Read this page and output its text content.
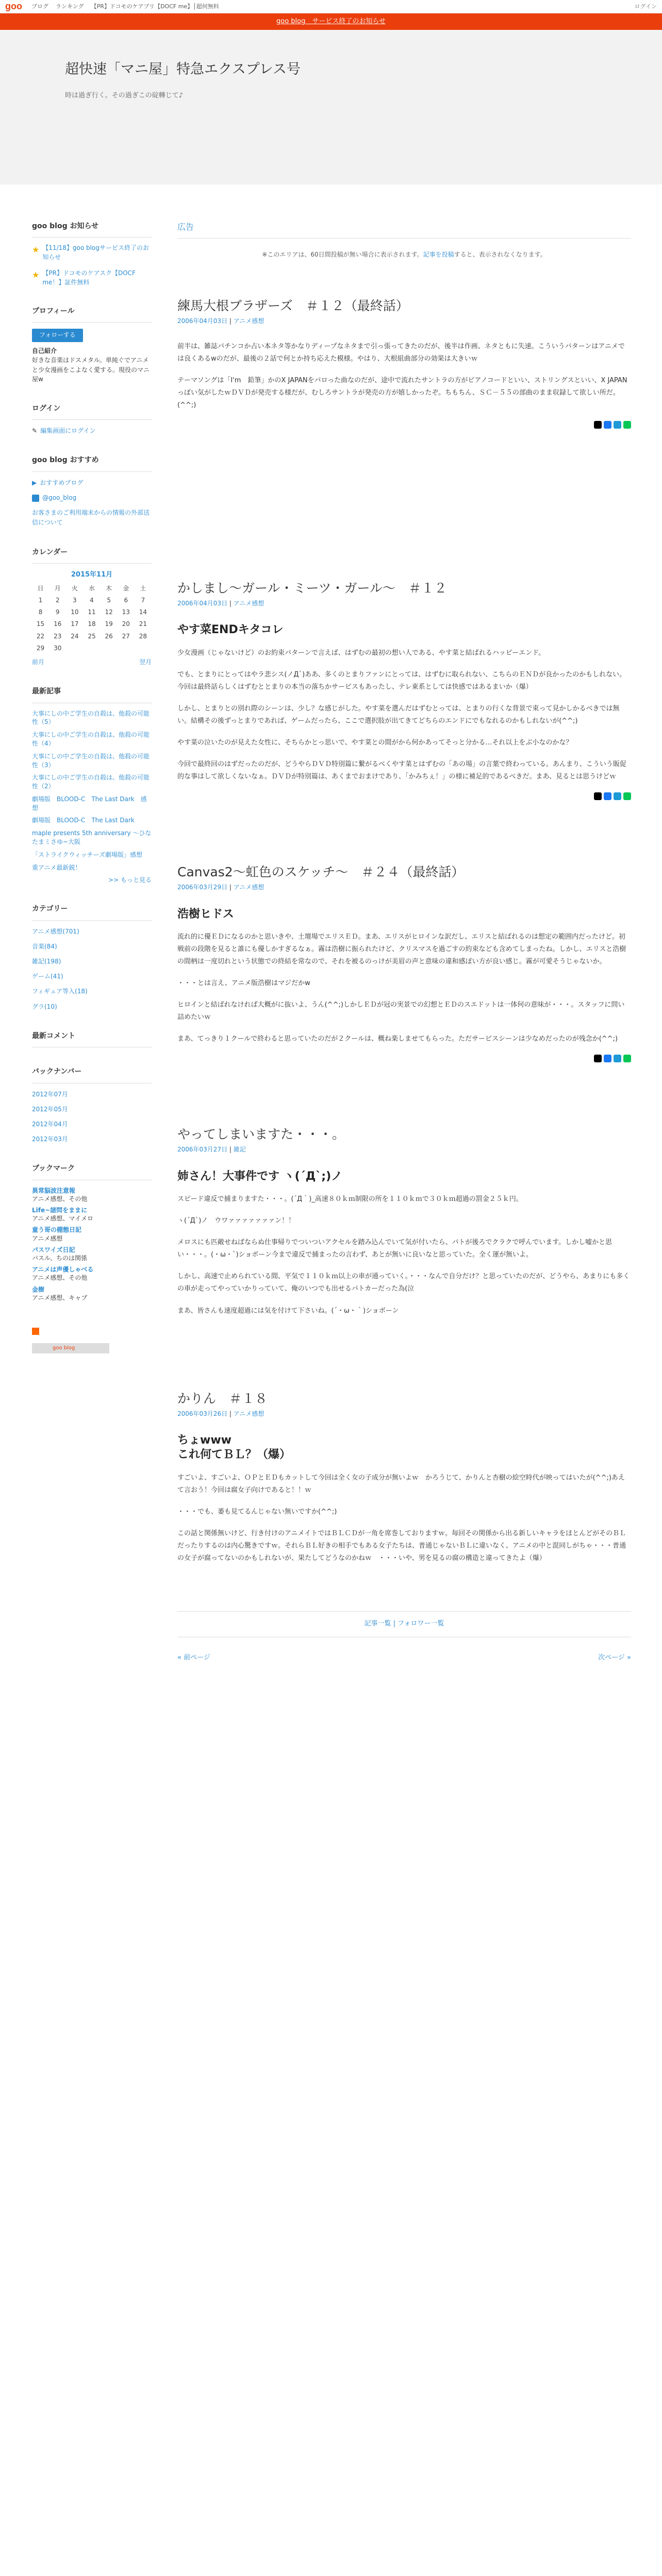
goo ブログ ランキング 【PR】ドコモのケアブリ【DOCF me】│超何無料	ログイン
goo blog　サービス終了のお知らせ
超快速「マニ屋」特急エクスプレス号

時は過ぎ行く。その過ぎこの碇轉じて♪

goo blog お知らせ
★ 【11/18】goo blogサービス終了のお知らせ
★ 【PR】ドコモのケアスク【DOCF me！】証件無料
プロフィール
フォローする
自己紹介
好きな音楽はドスメタル。単純ぐでアニメと少女漫画をこよなく愛する。現役のマニ屋w
ログイン
✎ 編集画面にログイン
goo blog おすすめ
▶ おすすめブログ
@goo_blog
お客さまのご利用端末からの情報の外部送信について
カレンダー
2015年11月
日	月	火	水	木	金	土
1	2	3	4	5	6	7
8	9	10	11	12	13	14
15	16	17	18	19	20	21
22	23	24	25	26	27	28
29	30					
前月	翌月
最新記事
大事にしの中ご学生の自殺は、他殺の可能性（5）
大事にしの中ご学生の自殺は、他殺の可能性（4）
大事にしの中ご学生の自殺は、他殺の可能性（3）
大事にしの中ご学生の自殺は、他殺の可能性（2）
劇場版　BLOOD-C　The Last Dark　感想
劇場版　BLOOD-C　The Last Dark
maple presents 5th anniversary ～ひなたまミさゆ~大阪
「ストライクウィッチーズ劇場版」感想
重アニメ最新鋭！
>> もっと見る
カテゴリー
アニメ感想(701)
音楽(84)
雑記(198)
ゲーム(41)
フィギュア等入(18)
グラ(10)
最新コメント
バックナンバー
2012年07月
2012年05月
2012年04月
2012年03月
ブックマーク
異常脳波注意報
アニメ感想、その他
Life~諸問をままに
アニメ感想、マイメロ
童う哥の棚態日記
アニメ感想
パスワイズ日記
バスル、ちのは関係
アニメは声優しゃべる
アニメ感想、その他
金樹
アニメ感想、キャブ
goo blog
広告
※このエリアは、60日間投稿が無い場合に表示されます。記事を投稿すると、表示されなくなります。
練馬大根ブラザーズ　＃１２（最終話）
2006年04月03日 | アニメ感想

前半は、雑誌パチンコか占い本ネタ等かなりディープなネタまで引っ張ってきたのだが、後半は作画、ネタともに失速。こういうパターンはアニメでは良くあるwのだが、最後の２話で何とか持ち応えた模様。やはり、大根組曲部分の効果は大きいｗ

テーマソングは「I'm　鉛筆」かのX JAPANをパロった曲なのだが、途中で流れたサントラの方がピアノコードといい、ストリングスといい、X JAPANっぽい気がしたｗＤＶＤが発売する様だが、むしろサントラが発売の方が嬉しかったぞ。ちもちん、ＳＣ－５５の部曲のまま収録して欲しい所だ。(^^;)

かしまし～ガール・ミーツ・ガール～　＃１２
2006年04月03日 | アニメ感想
やす菜ENDキタコレ

少女漫画（じゃないけど）のお約束パターンで言えば、はずむの最初の想い人である、やす菜と結ばれるハッピーエンド。

でも、とまりにとってはやラ悲シス(ノД`)ああ、多くのとまりファンにとっては、はずむに取られない、こちらのＥＮＤが良かったのかもしれない。今回は最終話らしくはずむととまりの本当の落ちかサービスもあったし、テレ東系としては快感ではあるまいか（爆）

しかし、とまりとの別れ際のシーンは、少し？な感じがした。やす菜を選んだはずむとっては、とまりの行くな背景で束って見かしかるべきでは無い。結構その後ずっとまりであれば、ゲームだったら、ここで選択肢が出てきてどちらのエンドにでもなれるのかもしれないが(^^;)

やす菜の泣いたのが見えた女性に、そちらかとっ思いで、やす菜との間がから何かあってそっと分かる…それ以上をぶ小なのかな？

今回で最終回のはずだったのだが、どうやらＤＶＤ特別篇に繋がるべくやす菜とはずむの「あの場」の言葉で終わっている。あんまり、こういう販促的な事はして欲しくないなぁ。ＤＶＤが特別篇は、あくまでおまけであり、「かみちぇ！」の様に補足的であるべきだ。まあ、見るとは思うけどｗ

Canvas2～虹色のスケッチ～　＃２４（最終話）
2006年03月29日 | アニメ感想
浩樹ヒドス

流れ的に優ＥＤになるのかと思いきや、土壇場でエリスＥＤ。まあ、エリスがヒロインな訳だし、エリスと結ばれるのは想定の範囲内だったけど。初戦前の段階を見ると誰にも優しかすぎるなぁ。霧は浩樹に振られたけど、クリスマスを過ごすの約束なども含めてしまったね。しかし、エリスと浩樹の間柄は一度切れという状態での終結を常なので、それを被るのっけが美眉の声と意味の違和感ぽい方が良い感じ。霧が可愛そうじゃないか。

・・・とは言え、アニメ版浩樹はマジだかw

ヒロインと結ばれなければ大概がに抜いよ、うん(^^;)しかしＥＤが冠の実景での幻想とＥＤのスエドットは一体何の意味が・・・。スタッフに問い詰めたいｗ

まあ、てっきり１クールで終わると思っていたのだが２クールは、概ね楽しませてもらった。ただサービスシーンは少なめだったのが残念か(^^;)

やってしまいますた・・・。
2006年03月27日 | 雑記
姉さん！大事件です ヽ(´Д`;)ノ

スピード違反で捕まりますた・・・。(´Д｀)_高速８０ｋｍ制限の所を１１０ｋｍで３０ｋｍ超過の罰金２５ｋ円。

ヽ(´Д`)ノ　ウワァァァァァァァン！！

メロスにも匹敵せねばならぬ仕事帰りでついついアクセルを踏み込んでいて気が付いたら、パトが後ろでクラクで呼んでいます。しかし嘘かと思い・・・。(・ω・`)ショボーン今まで違反で捕まったの言わず、あとが無いに良いなと思っていた。全く運が無いよ。

しかし、高速で止められている間、平気で１１０ｋｍ以上の車が通っていく。・・・なんで自分だけ？と思っていたのだが、どうやら、あまりにも多くの車が走ってやっていかりっていて、俺のいつでも出せるパトカーだった為(泣

まあ、皆さんも速度超過には気を付けて下さいね。(´・ω・｀)ショボーン

かりん　＃１８
2006年03月26日 | アニメ感想
ちょwww
これ何てＢＬ？（爆）

すごいよ、すごいよ、ＯＰとＥＤもカットして今回は全く女の子成分が無いよｗ　かろうじて、かりんと杏樹の絵空時代が映ってはいたが(^^;)あえて言おう！今回は腐女子向けであると！！ｗ

・・・でも、萎も見てるんじゃない無いですか(^^;)

この話と関係無いけど、行き付けのアニメイトではＢＬＣＤが一角を席巻しておりますｗ。毎回その関係から出る新しいキャラをほとんどがそのＢＬだったりするのは内心驚きですｗ。それらＢＬ好きの相手でもある女子たちは、普通じゃないＢＬに違いなく、アニメの中と混同しがちゃ・・・普通の女子が腐ってないのかもしれないが、果たしてどうなのかねｗ　・・・いや、男を見るの腐の構造と違ってきたよ（爆）

記事一覧 | フォロワー一覧
« 前ページ	次ページ »
